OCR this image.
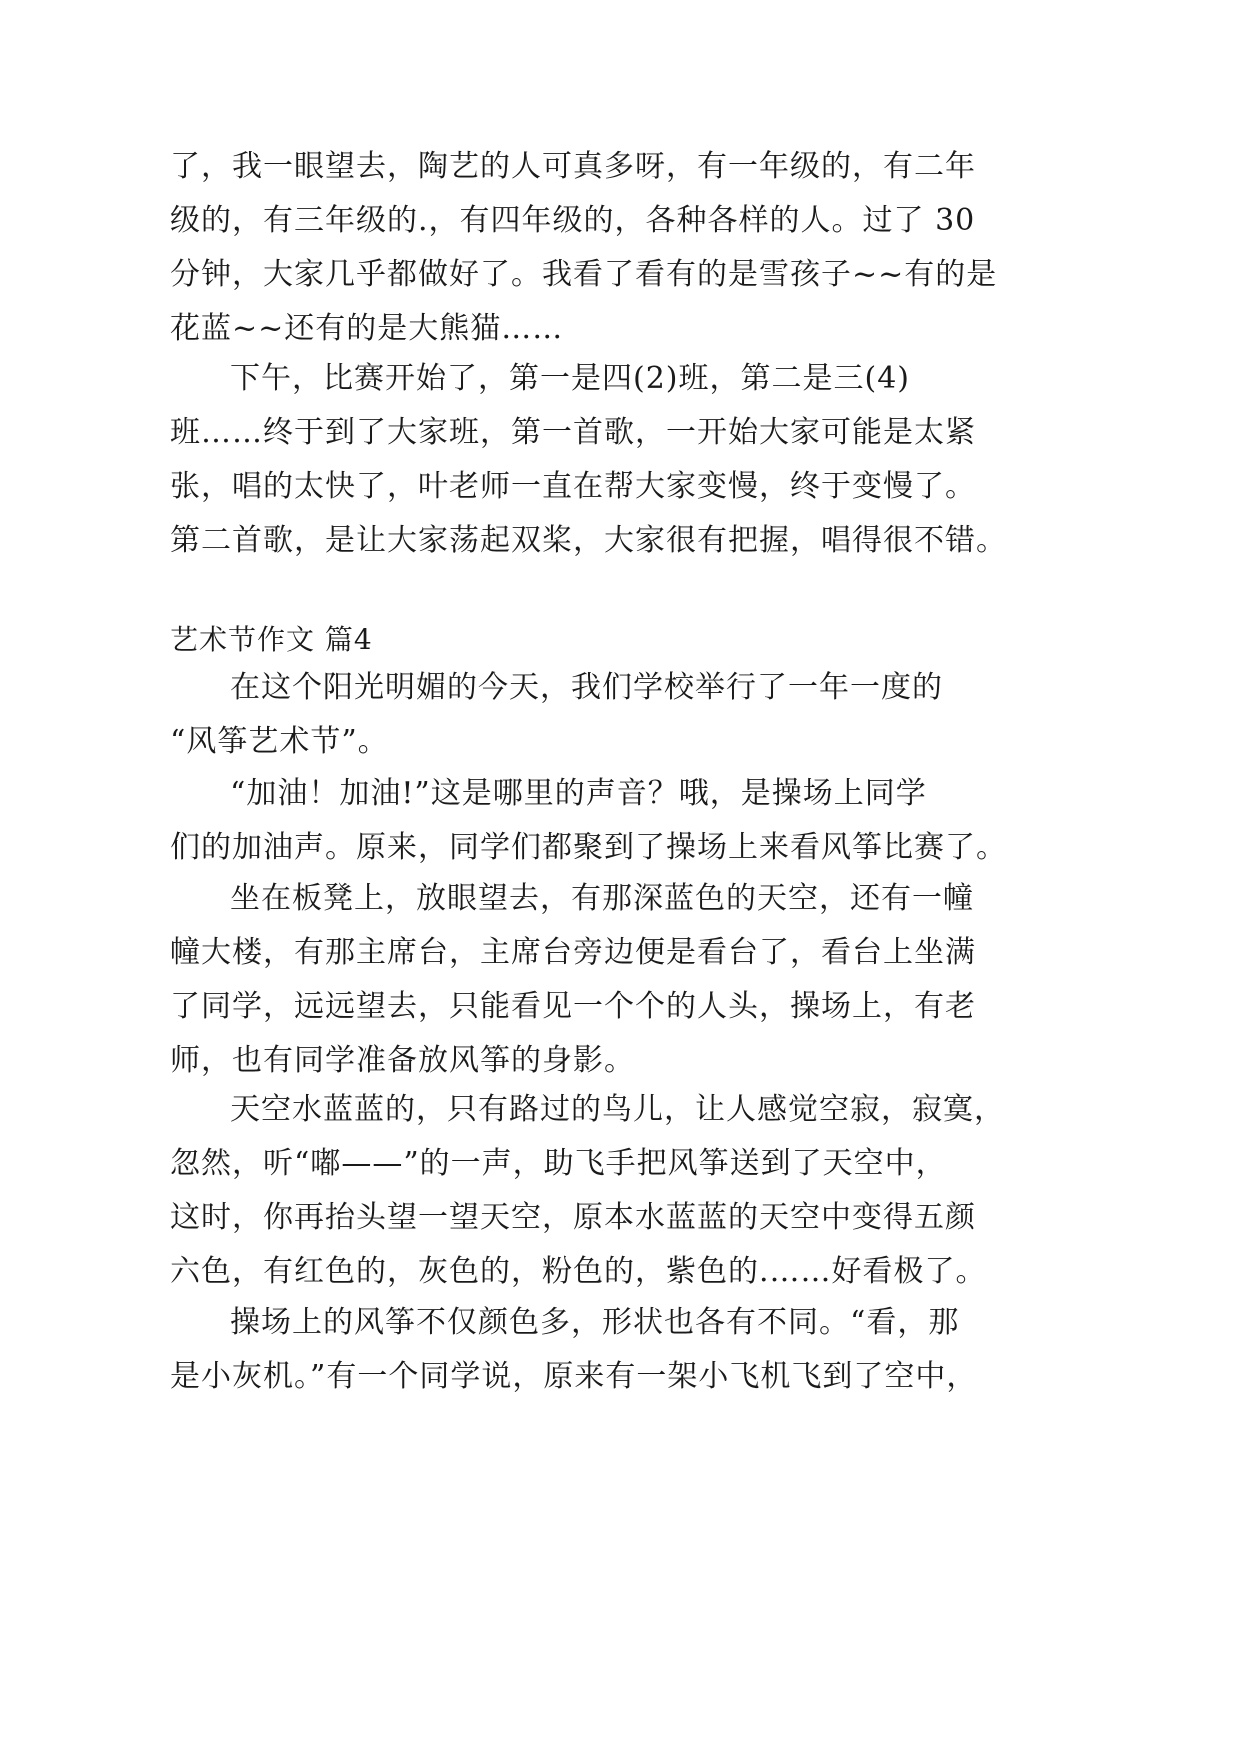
了，我一眼望去，陶艺的人可真多呀，有一年级的，有二年
级的，有三年级的.，有四年级的，各种各样的人。过了 30
分钟，大家几乎都做好了。我看了看有的是雪孩子~~有的是
花蓝~~还有的是大熊猫……
下午，比赛开始了，第一是四(2)班，第二是三(4)
班……终于到了大家班，第一首歌，一开始大家可能是太紧
张，唱的太快了，叶老师一直在帮大家变慢，终于变慢了。
第二首歌，是让大家荡起双桨，大家很有把握，唱得很不错。
艺术节作文 篇4
在这个阳光明媚的今天，我们学校举行了一年一度的
“风筝艺术节”。
“加油！加油!”这是哪里的声音？哦，是操场上同学
们的加油声。原来，同学们都聚到了操场上来看风筝比赛了。
坐在板凳上，放眼望去，有那深蓝色的天空，还有一幢
幢大楼，有那主席台，主席台旁边便是看台了，看台上坐满
了同学，远远望去，只能看见一个个的人头，操场上，有老
师，也有同学准备放风筝的身影。
天空水蓝蓝的，只有路过的鸟儿，让人感觉空寂，寂寞，
忽然，听“嘟——”的一声，助飞手把风筝送到了天空中，
这时，你再抬头望一望天空，原本水蓝蓝的天空中变得五颜
六色，有红色的，灰色的，粉色的，紫色的.……好看极了。
操场上的风筝不仅颜色多，形状也各有不同。“看，那
是小灰机。”有一个同学说，原来有一架小飞机飞到了空中，
